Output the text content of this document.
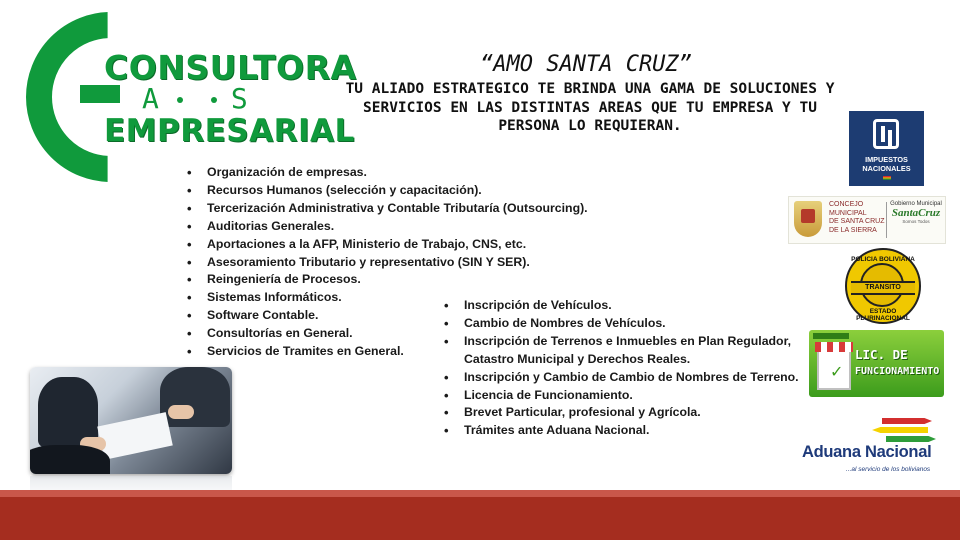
CONSULTORA
A S
EMPRESARIAL
“AMO SANTA CRUZ”
TU ALIADO ESTRATEGICO TE BRINDA UNA GAMA DE SOLUCIONES Y SERVICIOS EN LAS DISTINTAS AREAS QUE TU EMPRESA Y TU PERSONA LO REQUIERAN.
• Organización de empresas.
• Recursos Humanos (selección y capacitación).
• Tercerización Administrativa y Contable Tributaría (Outsourcing).
• Auditorias Generales.
• Aportaciones a la AFP, Ministerio de Trabajo, CNS, etc.
• Asesoramiento Tributario y representativo (SIN Y SER).
• Reingeniería de Procesos.
• Sistemas Informáticos.
• Software Contable.
• Consultorías en General.
• Servicios de Tramites en General.
• Inscripción de Vehículos.
• Cambio de Nombres de Vehículos.
• Inscripción de Terrenos e Inmuebles en Plan Regulador, Catastro Municipal y Derechos Reales.
• Inscripción y Cambio de Cambio de Nombres de Terreno.
• Licencia de Funcionamiento.
• Brevet Particular, profesional y Agrícola.
• Trámites ante Aduana Nacional.
IMPUESTOS
NACIONALES
CONCEJO
MUNICIPAL
DE SANTA CRUZ
DE LA SIERRA
Gobierno Municipal
SantaCruz
Somos Todos
POLICIA BOLIVIANA
TRANSITO
ESTADO PLURINACIONAL
✓
LIC. DE
FUNCIONAMIENTO
Aduana Nacional
...al servicio de los bolivianos
